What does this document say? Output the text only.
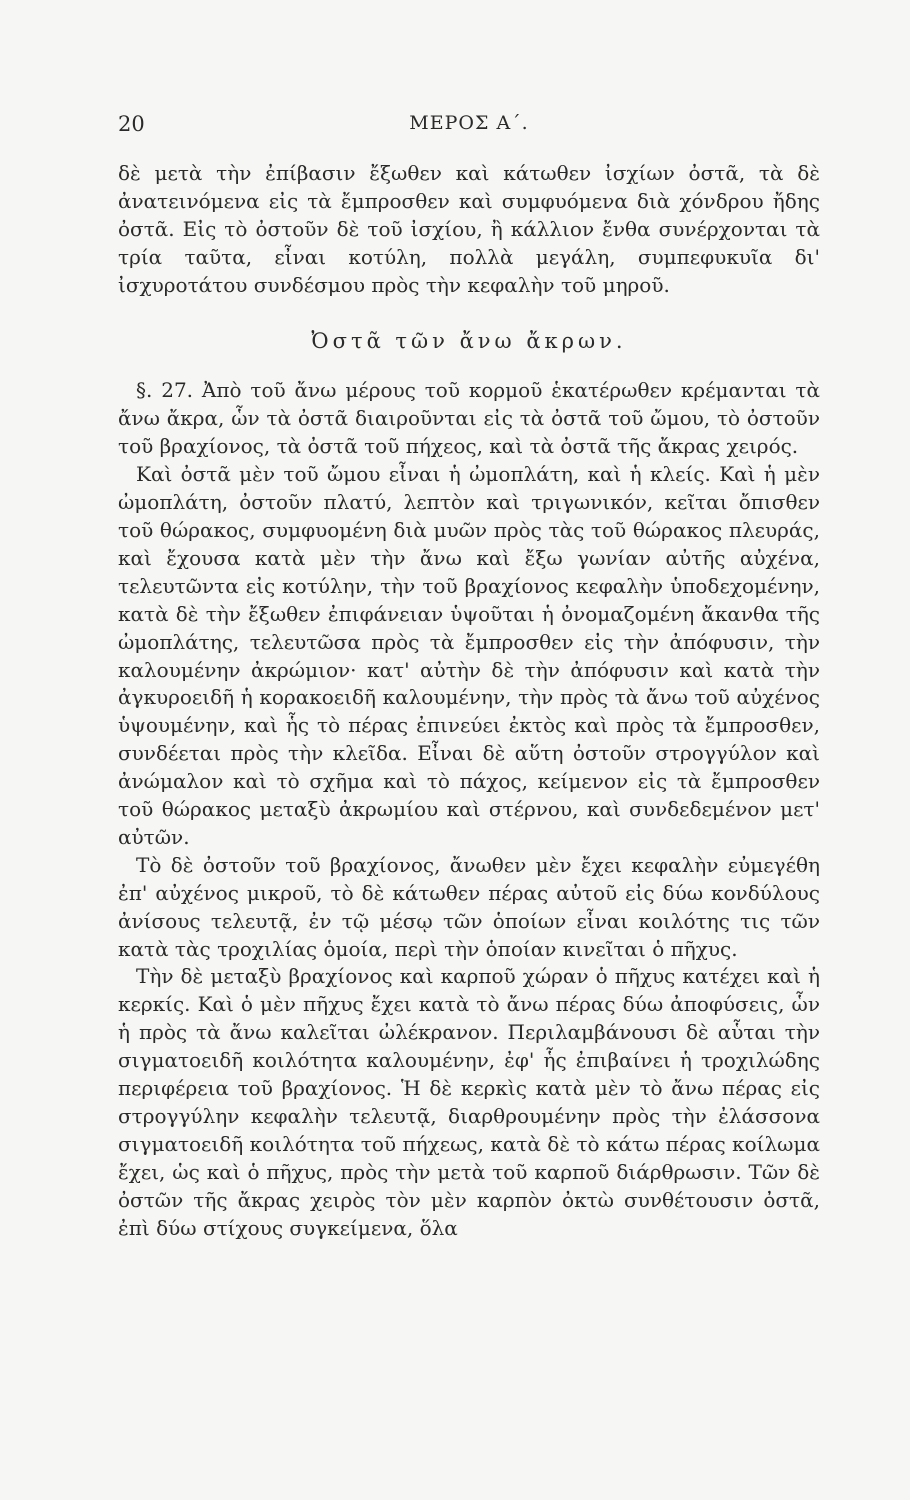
20	ΜΕΡΟΣ Α΄.

δὲ μετὰ τὴν ἐπίβασιν ἔξωθεν καὶ κάτωθεν ἰσχίων ὀστᾶ, τὰ δὲ ἀνατεινόμενα εἰς τὰ ἔμπροσθεν καὶ συμφυόμενα διὰ χόνδρου ἤδης ὀστᾶ. Εἰς τὸ ὀστοῦν δὲ τοῦ ἰσχίου, ἢ κάλλιον ἔνθα συνέρχονται τὰ τρία ταῦτα, εἶναι κοτύλη, πολλὰ μεγάλη, συμπεφυκυῖα δι' ἰσχυροτάτου συνδέσμου πρὸς τὴν κεφαλὴν τοῦ μηροῦ.

Ὀστᾶ τῶν ἄνω ἄκρων.

§. 27. Ἀπὸ τοῦ ἄνω μέρους τοῦ κορμοῦ ἑκατέρωθεν κρέμανται τὰ ἄνω ἄκρα, ὧν τὰ ὀστᾶ διαιροῦνται εἰς τὰ ὀστᾶ τοῦ ὤμου, τὸ ὀστοῦν τοῦ βραχίονος, τὰ ὀστᾶ τοῦ πήχεος, καὶ τὰ ὀστᾶ τῆς ἄκρας χειρός.

Καὶ ὀστᾶ μὲν τοῦ ὤμου εἶναι ἡ ὠμοπλάτη, καὶ ἡ κλείς. Καὶ ἡ μὲν ὠμοπλάτη, ὀστοῦν πλατύ, λεπτὸν καὶ τριγωνικόν, κεῖται ὄπισθεν τοῦ θώρακος, συμφυομένη διὰ μυῶν πρὸς τὰς τοῦ θώρακος πλευράς, καὶ ἔχουσα κατὰ μὲν τὴν ἄνω καὶ ἔξω γωνίαν αὐτῆς αὐχένα, τελευτῶντα εἰς κοτύλην, τὴν τοῦ βραχίονος κεφαλὴν ὑποδεχομένην, κατὰ δὲ τὴν ἔξωθεν ἐπιφάνειαν ὑψοῦται ἡ ὀνομαζομένη ἄκανθα τῆς ὠμοπλάτης, τελευτῶσα πρὸς τὰ ἔμπροσθεν εἰς τὴν ἀπόφυσιν, τὴν καλουμένην ἀκρώμιον· κατ' αὐτὴν δὲ τὴν ἀπόφυσιν καὶ κατὰ τὴν ἀγκυροειδῆ ἡ κορακοειδῆ καλουμένην, τὴν πρὸς τὰ ἄνω τοῦ αὐχένος ὑψουμένην, καὶ ἧς τὸ πέρας ἐπινεύει ἐκτὸς καὶ πρὸς τὰ ἔμπροσθεν, συνδέεται πρὸς τὴν κλεῖδα. Εἶναι δὲ αὕτη ὀστοῦν στρογγύλον καὶ ἀνώμαλον καὶ τὸ σχῆμα καὶ τὸ πάχος, κείμενον εἰς τὰ ἔμπροσθεν τοῦ θώρακος μεταξὺ ἀκρωμίου καὶ στέρνου, καὶ συνδεδεμένον μετ' αὐτῶν.

Τὸ δὲ ὀστοῦν τοῦ βραχίονος, ἄνωθεν μὲν ἔχει κεφαλὴν εὐμεγέθη ἐπ' αὐχένος μικροῦ, τὸ δὲ κάτωθεν πέρας αὐτοῦ εἰς δύω κονδύλους ἀνίσους τελευτᾷ, ἐν τῷ μέσῳ τῶν ὁποίων εἶναι κοιλότης τις τῶν κατὰ τὰς τροχιλίας ὁμοία, περὶ τὴν ὁποίαν κινεῖται ὁ πῆχυς.

Τὴν δὲ μεταξὺ βραχίονος καὶ καρποῦ χώραν ὁ πῆχυς κατέχει καὶ ἡ κερκίς. Καὶ ὁ μὲν πῆχυς ἔχει κατὰ τὸ ἄνω πέρας δύω ἀποφύσεις, ὧν ἡ πρὸς τὰ ἄνω καλεῖται ὠλέκρανον. Περιλαμβάνουσι δὲ αὗται τὴν σιγματοειδῆ κοιλότητα καλουμένην, ἐφ' ἧς ἐπιβαίνει ἡ τροχιλώδης περιφέρεια τοῦ βραχίονος. Ἡ δὲ κερκὶς κατὰ μὲν τὸ ἄνω πέρας εἰς στρογγύλην κεφαλὴν τελευτᾷ, διαρθρουμένην πρὸς τὴν ἐλάσσονα σιγματοειδῆ κοιλότητα τοῦ πήχεως, κατὰ δὲ τὸ κάτω πέρας κοίλωμα ἔχει, ὡς καὶ ὁ πῆχυς, πρὸς τὴν μετὰ τοῦ καρποῦ διάρθρωσιν. Τῶν δὲ ὀστῶν τῆς ἄκρας χειρὸς τὸν μὲν καρπὸν ὀκτὼ συνθέτουσιν ὀστᾶ, ἐπὶ δύω στίχους συγκείμενα, ὅλα
